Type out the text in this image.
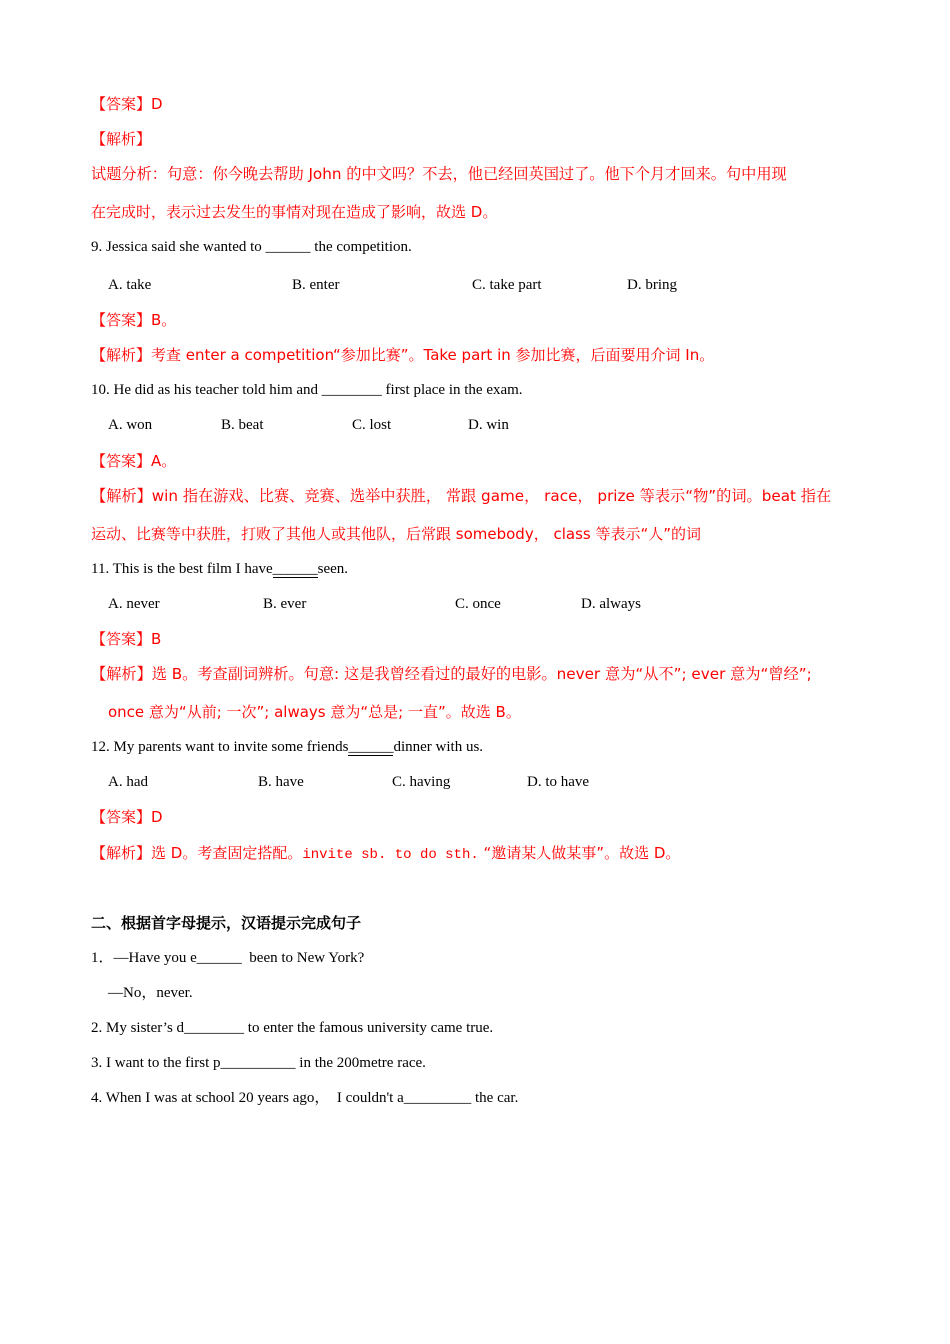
【答案】D
【解析】
试题分析：句意：你今晚去帮助 John 的中文吗？不去，他已经回英国过了。他下个月才回来。句中用现
在完成时，表示过去发生的事情对现在造成了影响，故选 D。
9. Jessica said she wanted to ______ the competition.
A. take	B. enter	C. take part	D. bring
【答案】B。
【解析】考查 enter a competition“参加比赛”。Take part in 参加比赛，后面要用介词 In。
10. He did as his teacher told him and ________ first place in the exam.
A. won	B. beat	C. lost	D. win
【答案】A。
【解析】win 指在游戏、比赛、竞赛、选举中获胜， 常跟 game， race， prize 等表示“物”的词。beat 指在
运动、比赛等中获胜，打败了其他人或其他队，后常跟 somebody， class 等表示“人”的词
11. This is the best film I have______seen.
A. never	B. ever	C. once	D. always
【答案】B
【解析】选 B。考查副词辨析。句意: 这是我曾经看过的最好的电影。never 意为“从不”; ever 意为“曾经”;
once 意为“从前; 一次”; always 意为“总是; 一直”。故选 B。
12. My parents want to invite some friends______dinner with us.
A. had	B. have	C. having	D. to have
【答案】D
【解析】选 D。考查固定搭配。invite sb. to do sth. “邀请某人做某事”。故选 D。
二、根据首字母提示，汉语提示完成句子
1．—Have you e______  been to New York?
—No，never.
2. My sister’s d________ to enter the famous university came true.
3. I want to the first p__________ in the 200metre race.
4. When I was at school 20 years ago，  I couldn't a_________ the car.
